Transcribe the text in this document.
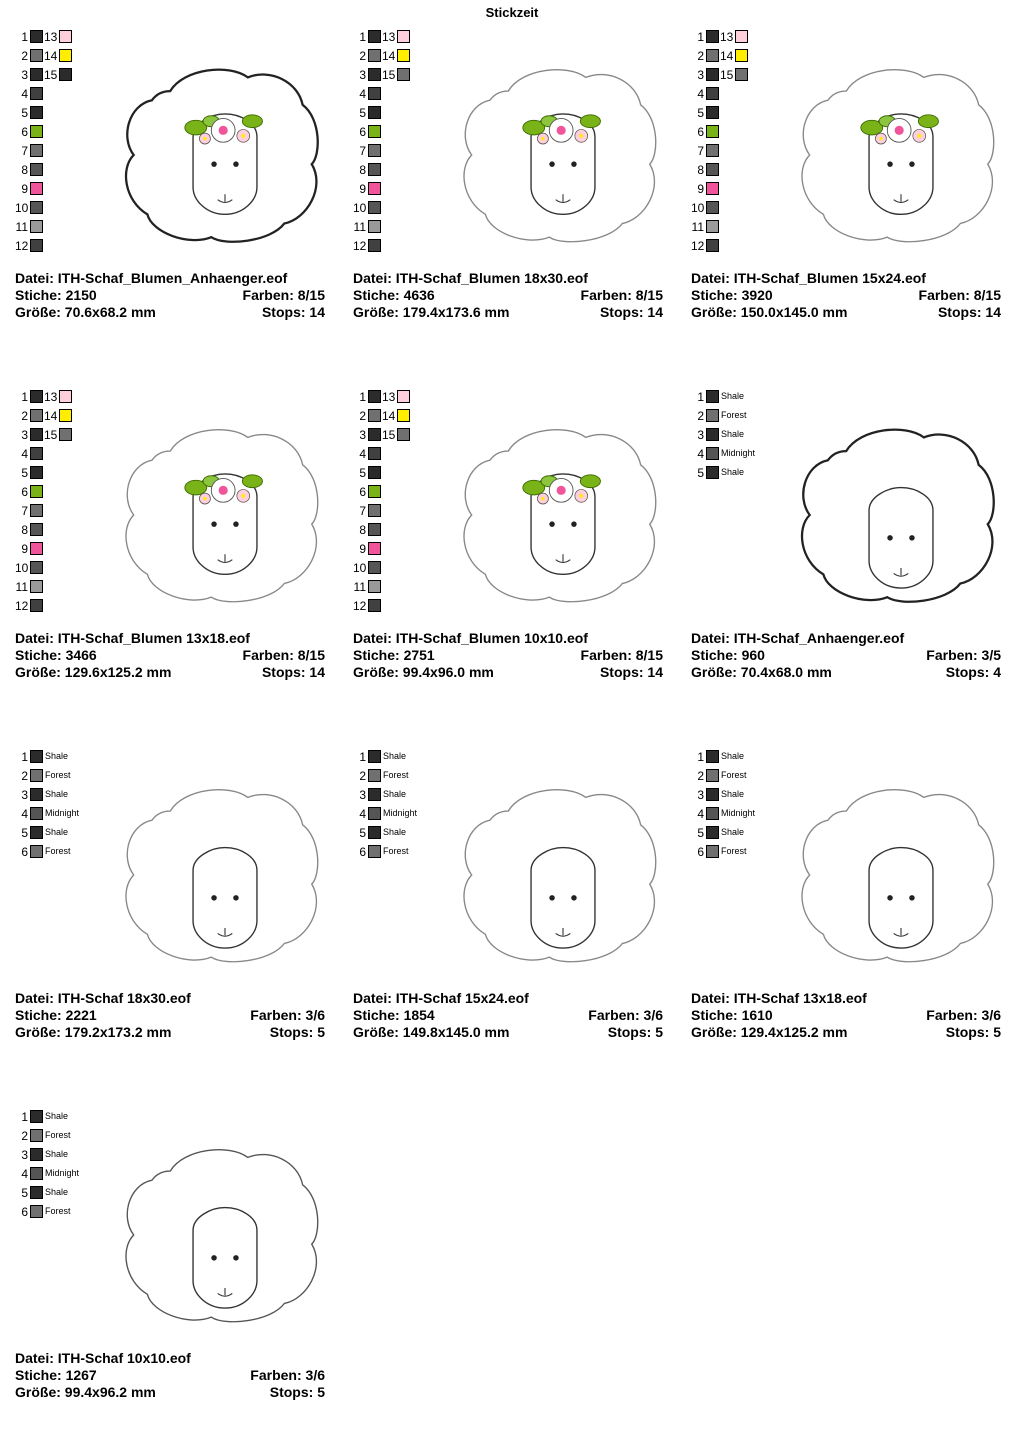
Stickzeit
1 13
2 14
3 15
4
5
6
7
8
9
10
11
12
Datei: ITH-Schaf_Blumen_Anhaenger.eof
Stiche: 2150	Farben: 8/15
Größe: 70.6x68.2 mm	Stops: 14
1 13
2 14
3 15
4
5
6
7
8
9
10
11
12
Datei: ITH-Schaf_Blumen 18x30.eof
Stiche: 4636	Farben: 8/15
Größe: 179.4x173.6 mm	Stops: 14
1 13
2 14
3 15
4
5
6
7
8
9
10
11
12
Datei: ITH-Schaf_Blumen 15x24.eof
Stiche: 3920	Farben: 8/15
Größe: 150.0x145.0 mm	Stops: 14
1 13
2 14
3 15
4
5
6
7
8
9
10
11
12
Datei: ITH-Schaf_Blumen 13x18.eof
Stiche: 3466	Farben: 8/15
Größe: 129.6x125.2 mm	Stops: 14
1 13
2 14
3 15
4
5
6
7
8
9
10
11
12
Datei: ITH-Schaf_Blumen 10x10.eof
Stiche: 2751	Farben: 8/15
Größe: 99.4x96.0 mm	Stops: 14
1 Shale
2 Forest
3 Shale
4 Midnight
5 Shale
Datei: ITH-Schaf_Anhaenger.eof
Stiche: 960	Farben: 3/5
Größe: 70.4x68.0 mm	Stops: 4
1 Shale
2 Forest
3 Shale
4 Midnight
5 Shale
6 Forest
Datei: ITH-Schaf 18x30.eof
Stiche: 2221	Farben: 3/6
Größe: 179.2x173.2 mm	Stops: 5
1 Shale
2 Forest
3 Shale
4 Midnight
5 Shale
6 Forest
Datei: ITH-Schaf 15x24.eof
Stiche: 1854	Farben: 3/6
Größe: 149.8x145.0 mm	Stops: 5
1 Shale
2 Forest
3 Shale
4 Midnight
5 Shale
6 Forest
Datei: ITH-Schaf 13x18.eof
Stiche: 1610	Farben: 3/6
Größe: 129.4x125.2 mm	Stops: 5
1 Shale
2 Forest
3 Shale
4 Midnight
5 Shale
6 Forest
Datei: ITH-Schaf 10x10.eof
Stiche: 1267	Farben: 3/6
Größe: 99.4x96.2 mm	Stops: 5
